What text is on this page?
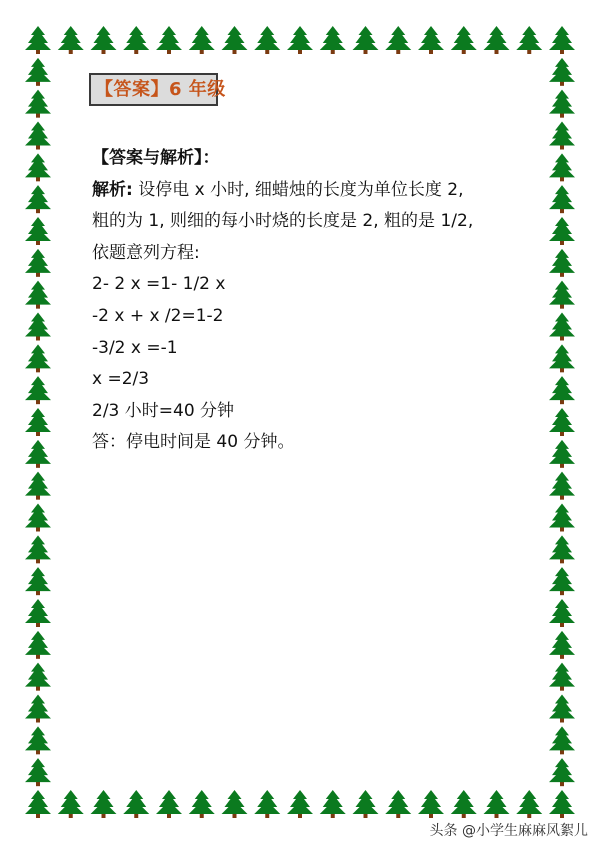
【答案】6 年级

【答案与解析】：

解析: 设停电 x 小时, 细蜡烛的长度为单位长度 2,

粗的为 1, 则细的每小时烧的长度是 2, 粗的是 1/2,

依题意列方程:

2- 2 x =1- 1/2 x

-2 x + x /2=1-2

-3/2 x =-1

x =2/3

2/3 小时=40 分钟

答：停电时间是 40 分钟。

头条 @小学生麻麻风絮儿
